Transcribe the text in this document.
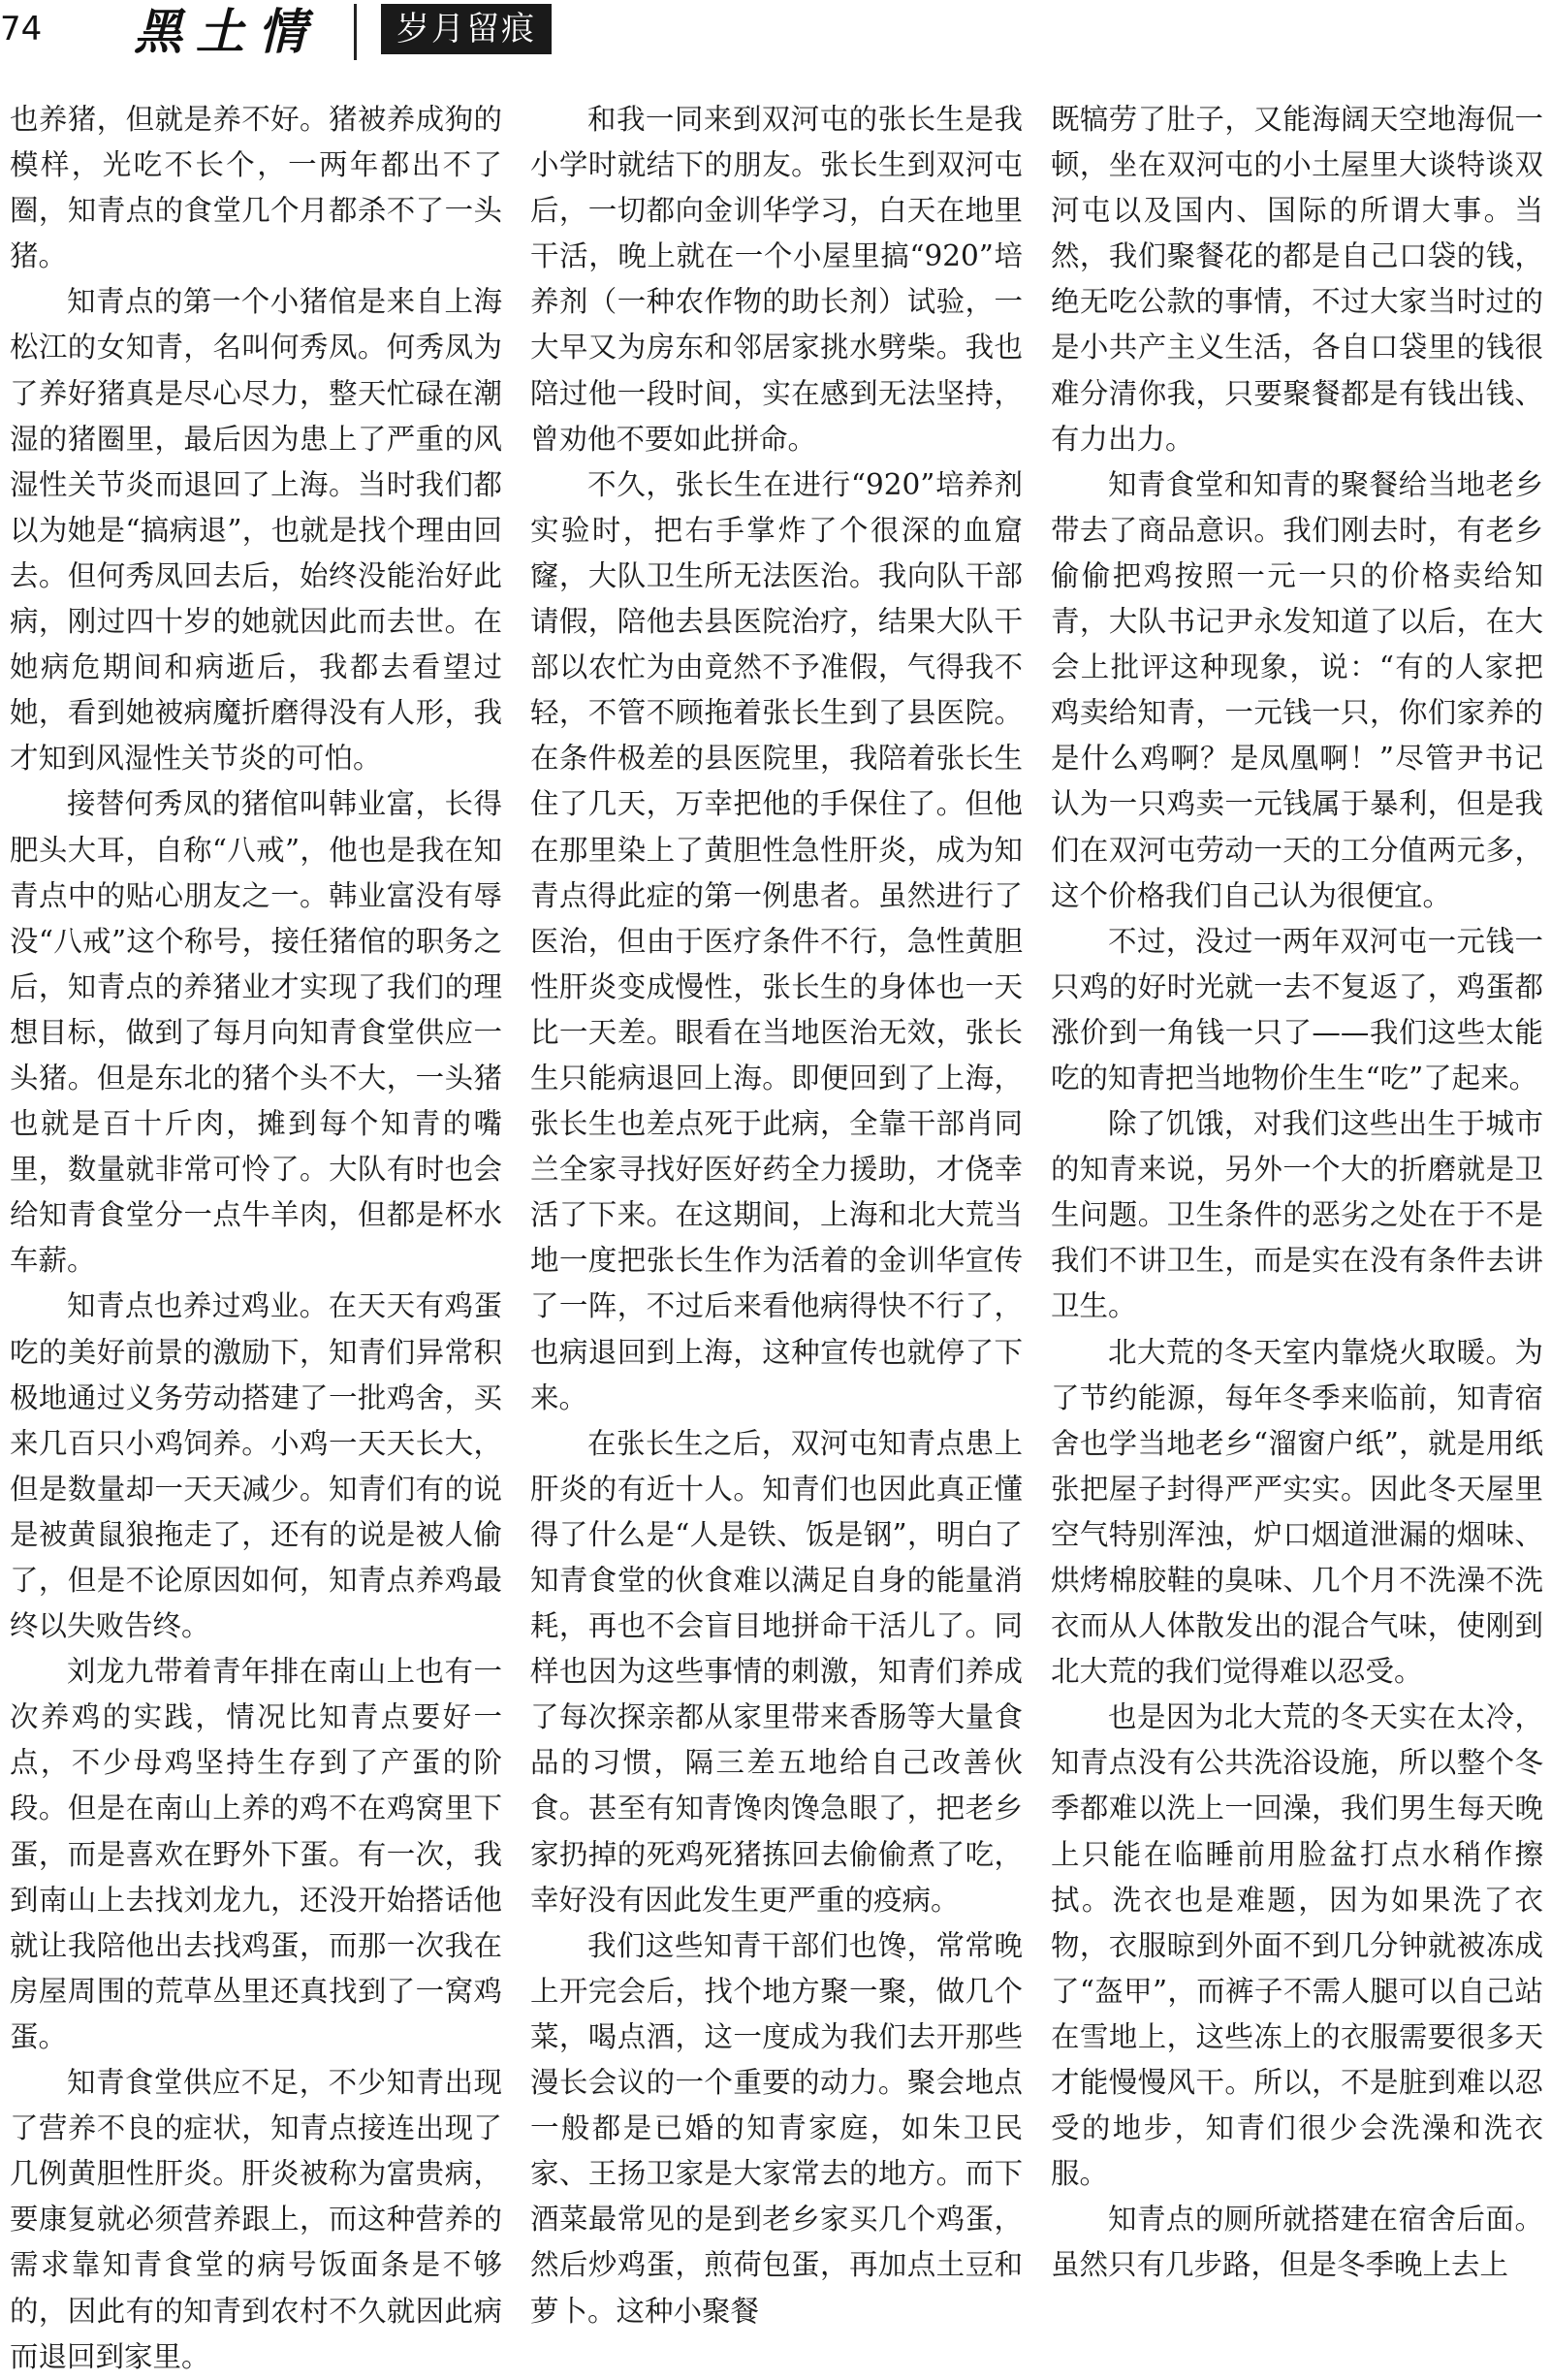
74 黑土情	岁月留痕

也养猪，但就是养不好。猪被养成狗的模样，光吃不长个，一两年都出不了圈，知青点的食堂几个月都杀不了一头猪。

知青点的第一个小猪倌是来自上海松江的女知青，名叫何秀凤。何秀凤为了养好猪真是尽心尽力，整天忙碌在潮湿的猪圈里，最后因为患上了严重的风湿性关节炎而退回了上海。当时我们都以为她是“搞病退”，也就是找个理由回去。但何秀凤回去后，始终没能治好此病，刚过四十岁的她就因此而去世。在她病危期间和病逝后，我都去看望过她，看到她被病魔折磨得没有人形，我才知到风湿性关节炎的可怕。

接替何秀凤的猪倌叫韩业富，长得肥头大耳，自称“八戒”，他也是我在知青点中的贴心朋友之一。韩业富没有辱没“八戒”这个称号，接任猪倌的职务之后，知青点的养猪业才实现了我们的理想目标，做到了每月向知青食堂供应一头猪。但是东北的猪个头不大，一头猪也就是百十斤肉，摊到每个知青的嘴里，数量就非常可怜了。大队有时也会给知青食堂分一点牛羊肉，但都是杯水车薪。

知青点也养过鸡业。在天天有鸡蛋吃的美好前景的激励下，知青们异常积极地通过义务劳动搭建了一批鸡舍，买来几百只小鸡饲养。小鸡一天天长大，但是数量却一天天减少。知青们有的说是被黄鼠狼拖走了，还有的说是被人偷了，但是不论原因如何，知青点养鸡最终以失败告终。

刘龙九带着青年排在南山上也有一次养鸡的实践，情况比知青点要好一点，不少母鸡坚持生存到了产蛋的阶段。但是在南山上养的鸡不在鸡窝里下蛋，而是喜欢在野外下蛋。有一次，我到南山上去找刘龙九，还没开始搭话他就让我陪他出去找鸡蛋，而那一次我在房屋周围的荒草丛里还真找到了一窝鸡蛋。

知青食堂供应不足，不少知青出现了营养不良的症状，知青点接连出现了几例黄胆性肝炎。肝炎被称为富贵病，要康复就必须营养跟上，而这种营养的需求靠知青食堂的病号饭面条是不够的，因此有的知青到农村不久就因此病而退回到家里。

和我一同来到双河屯的张长生是我小学时就结下的朋友。张长生到双河屯后，一切都向金训华学习，白天在地里干活，晚上就在一个小屋里搞“920”培养剂（一种农作物的助长剂）试验，一大早又为房东和邻居家挑水劈柴。我也陪过他一段时间，实在感到无法坚持，曾劝他不要如此拼命。

不久，张长生在进行“920”培养剂实验时，把右手掌炸了个很深的血窟窿，大队卫生所无法医治。我向队干部请假，陪他去县医院治疗，结果大队干部以农忙为由竟然不予准假，气得我不轻，不管不顾拖着张长生到了县医院。在条件极差的县医院里，我陪着张长生住了几天，万幸把他的手保住了。但他在那里染上了黄胆性急性肝炎，成为知青点得此症的第一例患者。虽然进行了医治，但由于医疗条件不行，急性黄胆性肝炎变成慢性，张长生的身体也一天比一天差。眼看在当地医治无效，张长生只能病退回上海。即便回到了上海，张长生也差点死于此病，全靠干部肖同兰全家寻找好医好药全力援助，才侥幸活了下来。在这期间，上海和北大荒当地一度把张长生作为活着的金训华宣传了一阵，不过后来看他病得快不行了，也病退回到上海，这种宣传也就停了下来。

在张长生之后，双河屯知青点患上肝炎的有近十人。知青们也因此真正懂得了什么是“人是铁、饭是钢”，明白了知青食堂的伙食难以满足自身的能量消耗，再也不会盲目地拼命干活儿了。同样也因为这些事情的刺激，知青们养成了每次探亲都从家里带来香肠等大量食品的习惯，隔三差五地给自己改善伙食。甚至有知青馋肉馋急眼了，把老乡家扔掉的死鸡死猪拣回去偷偷煮了吃，幸好没有因此发生更严重的疫病。

我们这些知青干部们也馋，常常晚上开完会后，找个地方聚一聚，做几个菜，喝点酒，这一度成为我们去开那些漫长会议的一个重要的动力。聚会地点一般都是已婚的知青家庭，如朱卫民家、王扬卫家是大家常去的地方。而下酒菜最常见的是到老乡家买几个鸡蛋，然后炒鸡蛋，煎荷包蛋，再加点土豆和萝卜。这种小聚餐

既犒劳了肚子，又能海阔天空地海侃一顿，坐在双河屯的小土屋里大谈特谈双河屯以及国内、国际的所谓大事。当然，我们聚餐花的都是自己口袋的钱，绝无吃公款的事情，不过大家当时过的是小共产主义生活，各自口袋里的钱很难分清你我，只要聚餐都是有钱出钱、有力出力。

知青食堂和知青的聚餐给当地老乡带去了商品意识。我们刚去时，有老乡偷偷把鸡按照一元一只的价格卖给知青，大队书记尹永发知道了以后，在大会上批评这种现象，说：“有的人家把鸡卖给知青，一元钱一只，你们家养的是什么鸡啊？是凤凰啊！”尽管尹书记认为一只鸡卖一元钱属于暴利，但是我们在双河屯劳动一天的工分值两元多，这个价格我们自己认为很便宜。

不过，没过一两年双河屯一元钱一只鸡的好时光就一去不复返了，鸡蛋都涨价到一角钱一只了——我们这些太能吃的知青把当地物价生生“吃”了起来。

除了饥饿，对我们这些出生于城市的知青来说，另外一个大的折磨就是卫生问题。卫生条件的恶劣之处在于不是我们不讲卫生，而是实在没有条件去讲卫生。

北大荒的冬天室内靠烧火取暖。为了节约能源，每年冬季来临前，知青宿舍也学当地老乡“溜窗户纸”，就是用纸张把屋子封得严严实实。因此冬天屋里空气特别浑浊，炉口烟道泄漏的烟味、烘烤棉胶鞋的臭味、几个月不洗澡不洗衣而从人体散发出的混合气味，使刚到北大荒的我们觉得难以忍受。

也是因为北大荒的冬天实在太冷，知青点没有公共洗浴设施，所以整个冬季都难以洗上一回澡，我们男生每天晚上只能在临睡前用脸盆打点水稍作擦拭。洗衣也是难题，因为如果洗了衣物，衣服晾到外面不到几分钟就被冻成了“盔甲”，而裤子不需人腿可以自己站在雪地上，这些冻上的衣服需要很多天才能慢慢风干。所以，不是脏到难以忍受的地步，知青们很少会洗澡和洗衣服。

知青点的厕所就搭建在宿舍后面。虽然只有几步路，但是冬季晚上去上
